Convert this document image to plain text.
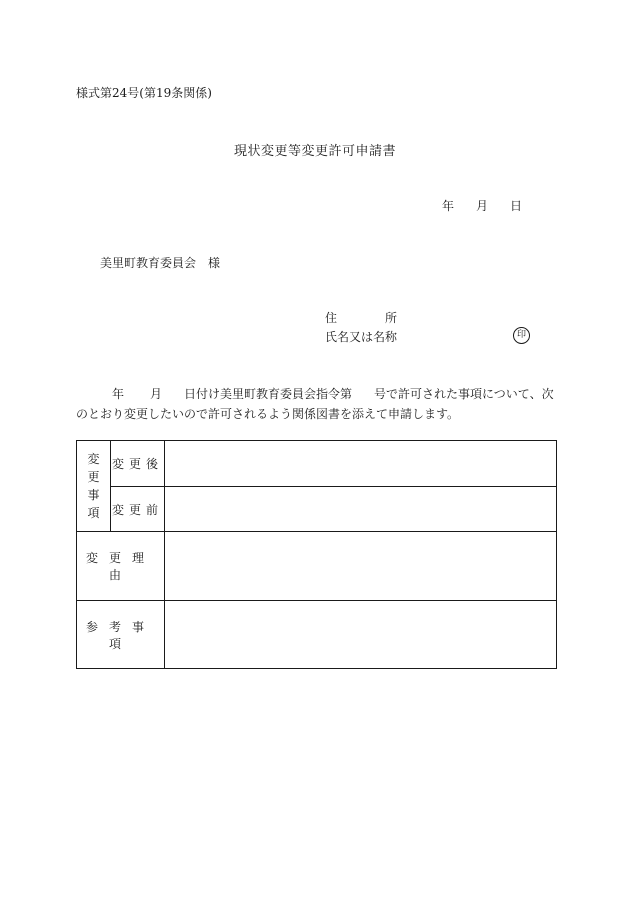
様式第24号(第19条関係)
現状変更等変更許可申請書
年 月 日
美里町教育委員会　様
住	所
氏名又は名称	印
年 月 日付け美里町教育委員会指令第 号で許可された事項について、次のとおり変更したいので許可されるよう関係図書を添えて申請します。
変
更
事
項	変更後	
	変更前	
変更理由		
参考事項		
